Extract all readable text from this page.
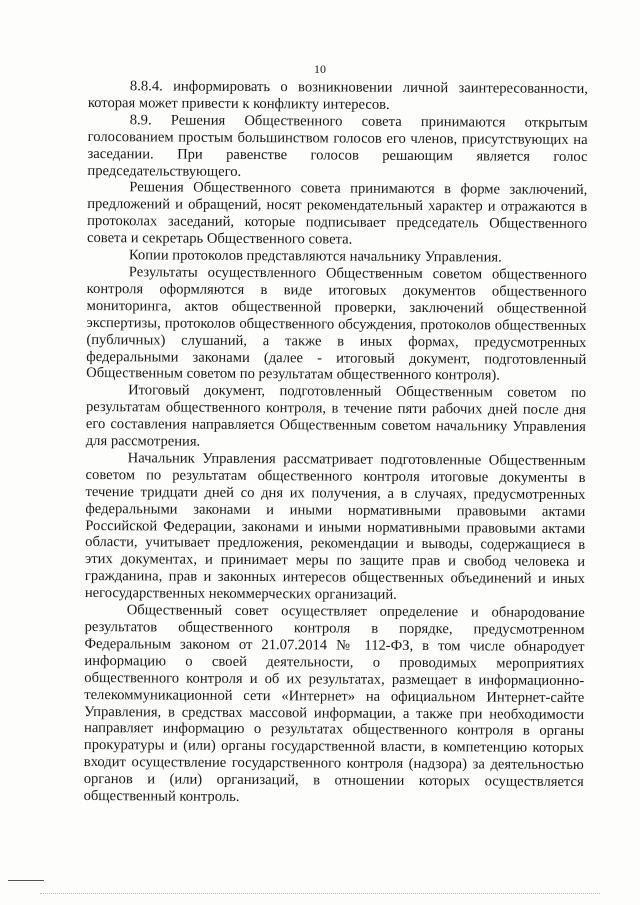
10

8.8.4. информировать о возникновении личной заинтересованности, которая может привести к конфликту интересов.

8.9. Решения Общественного совета принимаются открытым голосованием простым большинством голосов его членов, присутствующих на заседании. При равенстве голосов решающим является голос председательствующего.

Решения Общественного совета принимаются в форме заключений, предложений и обращений, носят рекомендательный характер и отражаются в протоколах заседаний, которые подписывает председатель Общественного совета и секретарь Общественного совета.

Копии протоколов представляются начальнику Управления.

Результаты осуществленного Общественным советом общественного контроля оформляются в виде итоговых документов общественного мониторинга, актов общественной проверки, заключений общественной экспертизы, протоколов общественного обсуждения, протоколов общественных (публичных) слушаний, а также в иных формах, предусмотренных федеральными законами (далее - итоговый документ, подготовленный Общественным советом по результатам общественного контроля).

Итоговый документ, подготовленный Общественным советом по результатам общественного контроля, в течение пяти рабочих дней после дня его составления направляется Общественным советом начальнику Управления для рассмотрения.

Начальник Управления рассматривает подготовленные Общественным советом по результатам общественного контроля итоговые документы в течение тридцати дней со дня их получения, а в случаях, предусмотренных федеральными законами и иными нормативными правовыми актами Российской Федерации, законами и иными нормативными правовыми актами области, учитывает предложения, рекомендации и выводы, содержащиеся в этих документах, и принимает меры по защите прав и свобод человека и гражданина, прав и законных интересов общественных объединений и иных негосударственных некоммерческих организаций.

Общественный совет осуществляет определение и обнародование результатов общественного контроля в порядке, предусмотренном Федеральным законом от 21.07.2014 № 112-ФЗ, в том числе обнародует информацию о своей деятельности, о проводимых мероприятиях общественного контроля и об их результатах, размещает в информационно-телекоммуникационной сети «Интернет» на официальном Интернет-сайте Управления, в средствах массовой информации, а также при необходимости направляет информацию о результатах общественного контроля в органы прокуратуры и (или) органы государственной власти, в компетенцию которых входит осуществление государственного контроля (надзора) за деятельностью органов и (или) организаций, в отношении которых осуществляется общественный контроль.
